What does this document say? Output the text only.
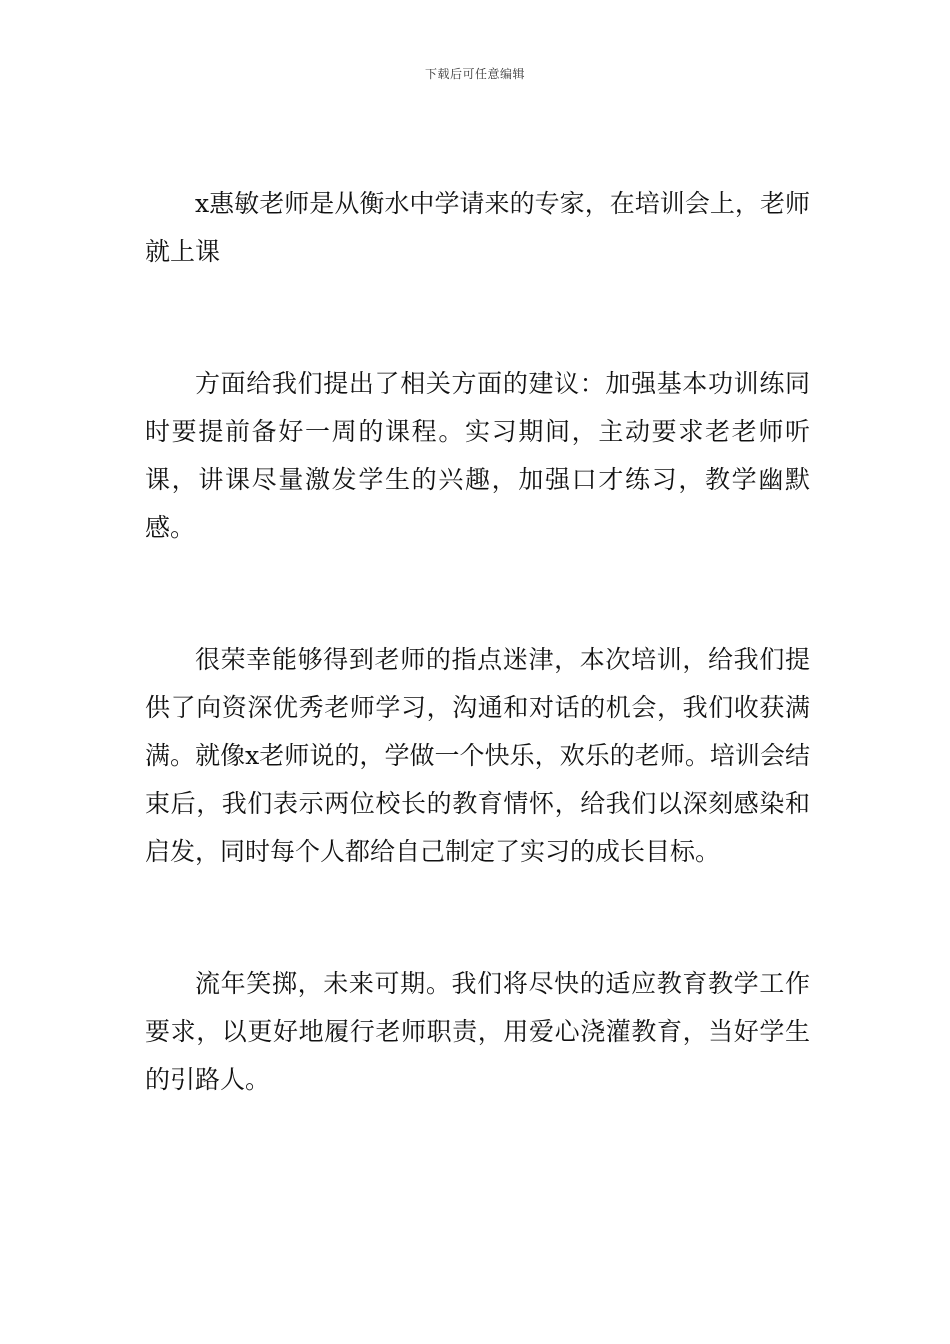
下载后可任意编辑

x惠敏老师是从衡水中学请来的专家，在培训会上，老师就上课

方面给我们提出了相关方面的建议：加强基本功训练同时要提前备好一周的课程。实习期间，主动要求老老师听课，讲课尽量激发学生的兴趣，加强口才练习，教学幽默感。

很荣幸能够得到老师的指点迷津，本次培训，给我们提供了向资深优秀老师学习，沟通和对话的机会，我们收获满满。就像x老师说的，学做一个快乐，欢乐的老师。培训会结束后，我们表示两位校长的教育情怀，给我们以深刻感染和启发，同时每个人都给自己制定了实习的成长目标。

流年笑掷，未来可期。我们将尽快的适应教育教学工作要求，以更好地履行老师职责，用爱心浇灌教育，当好学生的引路人。
